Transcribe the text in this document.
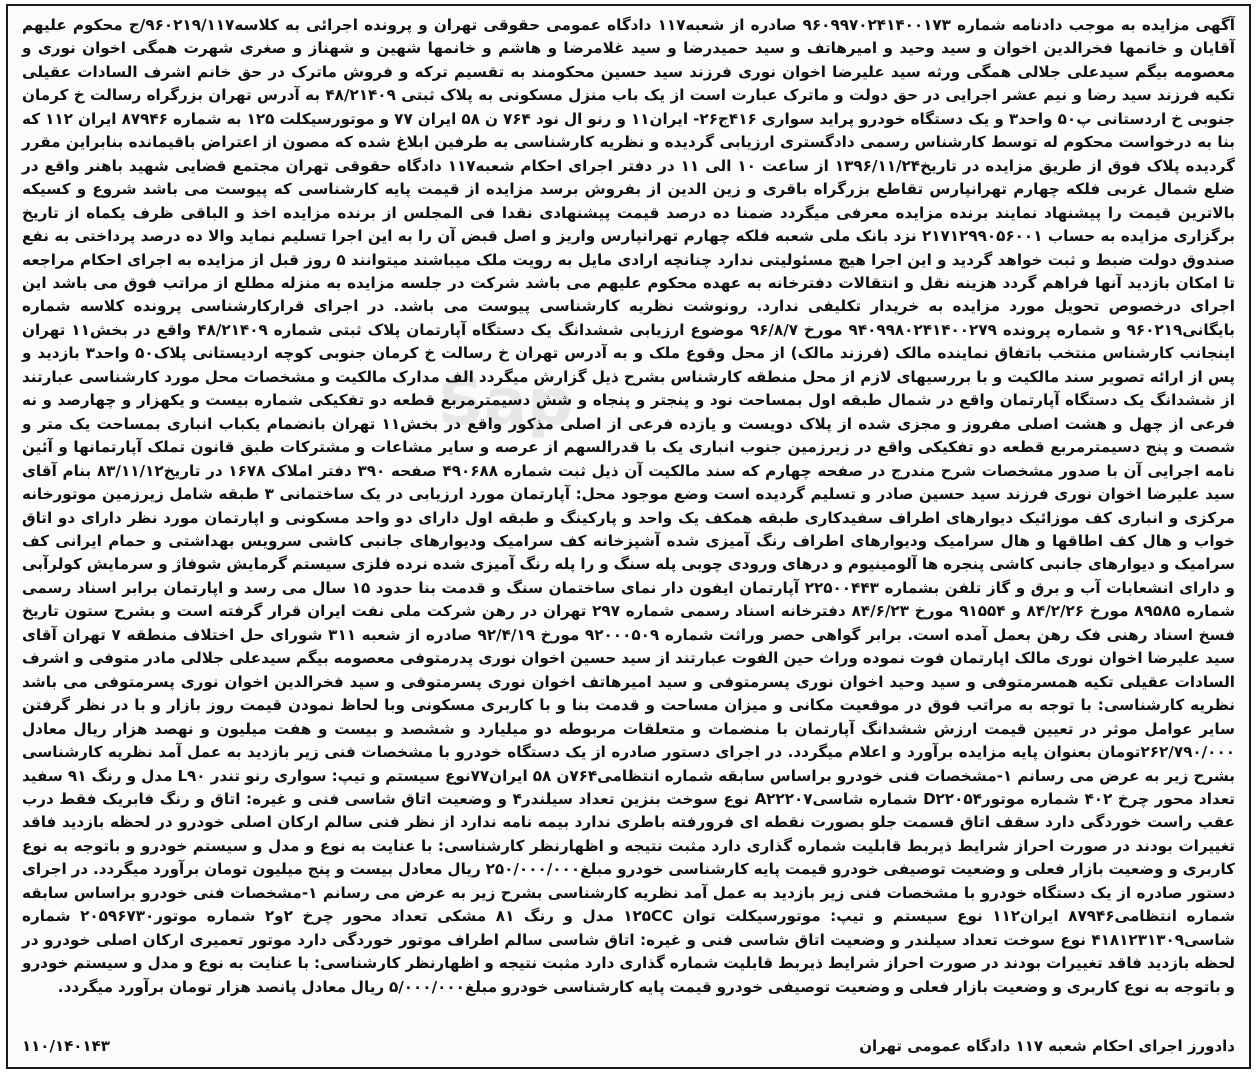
آگهی مزایده به موجب دادنامه شماره ۹۶۰۹۹۷۰۲۴۱۴۰۰۱۷۳ صادره از شعبه۱۱۷ دادگاه عمومی حقوقی تهران و پرونده اجرائی به کلاسه۹۶۰۲۱۹/۱۱۷/ج محکوم علیهم آقایان و خانمها فخرالدین اخوان و سید وحید و امیرهاتف و سید حمیدرضا و سید غلامرضا و هاشم و خانمها شهین و شهناز و صغری شهرت همگی اخوان نوری و معصومه بیگم سیدعلی جلالی همگی ورثه سید علیرضا اخوان نوری فرزند سید حسین محکومند به تقسیم ترکه و فروش ماترک در حق خانم اشرف السادات عقیلی تکیه فرزند سید رضا و نیم عشر اجرایی در حق دولت و ماترک عبارت است از یک باب منزل مسکونی به پلاک ثبتی ۴۸/۲۱۴۰۹ به آدرس تهران بزرگراه رسالت خ کرمان جنوبی خ اردستانی پ۵۰ واحد۳ و یک دستگاه خودرو پراید سواری ۴۱۶ج۲۶- ایران۱۱ و رنو ال نود ۷۶۴ ن ۵۸ ایران ۷۷ و موتورسیکلت ۱۲۵ به شماره ۸۷۹۴۶ ایران ۱۱۲ که بنا به درخواست محکوم له توسط کارشناس رسمی دادگستری ارزیابی گردیده و نظریه کارشناسی به طرفین ابلاغ شده که مصون از اعتراض باقیمانده بنابراین مقرر گردیده پلاک فوق از طریق مزایده در تاریخ۱۳۹۶/۱۱/۲۴ از ساعت ۱۰ الی ۱۱ در دفتر اجرای احکام شعبه۱۱۷ دادگاه حقوقی تهران مجتمع قضایی شهید باهنر واقع در ضلع شمال غربی فلکه چهارم تهرانپارس تقاطع بزرگراه باقری و زین الدین از بفروش برسد مزایده از قیمت پایه کارشناسی که پیوست می باشد شروع و کسیکه بالاترین قیمت را پیشنهاد نمایند برنده مزایده معرفی میگردد ضمنا ده درصد قیمت پیشنهادی نقدا فی المجلس از برنده مزایده اخذ و الباقی ظرف یکماه از تاریخ برگزاری مزایده به حساب ۲۱۷۱۲۹۹۰۵۶۰۰۱ نزد بانک ملی شعبه فلکه چهارم تهرانپارس واریز و اصل قبض آن را به این اجرا تسلیم نماید والا ده درصد پرداختی به نفع صندوق دولت ضبط و ثبت خواهد گردید و این اجرا هیچ مسئولیتی ندارد چنانچه ارادی مایل به رویت ملک میباشند میتوانند ۵ روز قبل از مزایده به اجرای احکام مراجعه تا امکان بازدید آنها فراهم گردد هزینه نقل و انتقالات دفترخانه به عهده محکوم علیهم می باشد شرکت در جلسه مزایده به منزله مطلع از مراتب فوق می باشد این اجرای درخصوص تحویل مورد مزایده به خریدار تکلیفی ندارد. رونوشت نظریه کارشناسی پیوست می باشد. در اجرای قرارکارشناسی پرونده کلاسه شماره بایگانی۹۶۰۲۱۹ و شماره پرونده ۹۴۰۹۹۸۰۲۴۱۴۰۰۲۷۹ مورخ ۹۶/۸/۷ موضوع ارزیابی ششدانگ یک دستگاه آپارتمان پلاک ثبتی شماره ۴۸/۲۱۴۰۹ واقع در بخش۱۱ تهران اینجانب کارشناس منتخب باتفاق نماینده مالک (فرزند مالک) از محل وقوع ملک و به آدرس تهران خ رسالت خ کرمان جنوبی کوچه اردیستانی پلاک۵۰ واحد۳ بازدید و پس از ارائه تصویر سند مالکیت و با بررسیهای لازم از محل منطقه کارشناس بشرح ذیل گزارش میگردد الف مدارک مالکیت و مشخصات محل مورد کارشناسی عبارتند از ششدانگ یک دستگاه آپارتمان واقع در شمال طبقه اول بمساحت نود و پنجتر و پنجاه و شش دسیمترمربع قطعه دو تفکیکی شماره بیست و یکهزار و چهارصد و نه فرعی از چهل و هشت اصلی مفروز و مجزی شده از پلاک دویست و یازده فرعی از اصلی مذکور واقع در بخش۱۱ تهران بانضمام یکباب انباری بمساحت یک متر و شصت و پنج دسیمترمربع قطعه دو تفکیکی واقع در زیرزمین جنوب انباری یک با قدرالسهم از عرصه و سایر مشاعات و مشترکات طبق قانون تملک آپارتمانها و آئین نامه اجرایی آن با صدور مشخصات شرح مندرج در صفحه چهارم که سند مالکیت آن ذیل ثبت شماره ۴۹۰۶۸۸ صفحه ۳۹۰ دفتر املاک ۱۶۷۸ در تاریخ۸۳/۱۱/۱۲ بنام آقای سید علیرضا اخوان نوری فرزند سید حسین صادر و تسلیم گردیده است وضع موجود محل: آپارتمان مورد ارزیابی در یک ساختمانی ۳ طبقه شامل زیرزمین موتورخانه مرکزی و انباری کف موزائیک دیوارهای اطراف سفیدکاری طبقه همکف یک واحد و پارکینگ و طبقه اول دارای دو واحد مسکونی و اپارتمان مورد نظر دارای دو اتاق خواب و هال کف اطاقها و هال سرامیک ودیوارهای اطراف رنگ آمیزی شده آشپزخانه کف سرامیک ودیوارهای جانبی کاشی سرویس بهداشتی و حمام ایرانی کف سرامیک و دیوارهای جانبی کاشی پنجره ها آلومینیوم و درهای ورودی چوبی پله سنگ و را پله رنگ آمیزی شده نرده فلزی سیستم گرمایش شوفاژ و سرمایش کولرآبی و دارای انشعابات آب و برق و گاز تلفن بشماره ۲۲۵۰۰۴۴۳ آپارتمان ایفون دار نمای ساختمان سنگ و قدمت بنا حدود ۱۵ سال می رسد و اپارتمان برابر اسناد رسمی شماره ۸۹۵۸۵ مورخ ۸۴/۲/۲۶ و ۹۱۵۵۴ مورخ ۸۴/۶/۲۳ دفترخانه اسناد رسمی شماره ۲۹۷ تهران در رهن شرکت ملی نفت ایران قرار گرفته است و بشرح ستون تاریخ فسخ اسناد رهنی فک رهن بعمل آمده است. برابر گواهی حصر وراثت شماره ۹۲۰۰۰۵۰۹ مورخ ۹۲/۴/۱۹ صادره از شعبه ۳۱۱ شورای حل اختلاف منطقه ۷ تهران آقای سید علیرضا اخوان نوری مالک اپارتمان فوت نموده وراث حین الفوت عبارتند از سید حسین اخوان نوری پدرمتوفی معصومه بیگم سیدعلی جلالی مادر متوفی و اشرف السادات عقیلی تکیه همسرمتوفی و سید وحید اخوان نوری پسرمتوفی و سید امیرهاتف اخوان نوری پسرمتوفی و سید فخرالدین اخوان نوری پسرمتوفی می باشد نظریه کارشناسی: با توجه به مراتب فوق در موقعیت مکانی و میزان مساحت و قدمت بنا و با کاربری مسکونی وبا لحاظ نمودن قیمت روز بازار و با در نظر گرفتن سایر عوامل موثر در تعیین قیمت ارزش ششدانگ آپارتمان با منضمات و متعلقات مربوطه دو میلیارد و ششصد و بیست و هفت میلیون و نهصد هزار ریال معادل ۲۶۲/۷۹۰/۰۰۰تومان بعنوان پایه مزایده برآورد و اعلام میگردد. در اجرای دستور صادره از یک دستگاه خودرو با مشخصات فنی زیر بازدید به عمل آمد نظریه کارشناسی بشرح زیر به عرض می رسانم ۱-مشخصات فنی خودرو براساس سابقه شماره انتظامی۷۶۴ن ۵۸ ایران۷۷نوع سیستم و تیپ: سواری رنو تندر L۹۰ مدل و رنگ ۹۱ سفید تعداد محور چرخ ۴۰۲ شماره موتورD۲۲۰۵۴ شماره شاسیA۲۲۲۰۷ نوع سوخت بنزین تعداد سیلندر۴ و وضعیت اتاق شاسی فنی و غیره: اتاق و رنگ فابریک فقط درب عقب راست خوردگی دارد سقف اتاق قسمت جلو بصورت نقطه ای فرورفته باطری ندارد بیمه نامه ندارد از نظر فنی سالم ارکان اصلی خودرو در لحظه بازدید فاقد تغییرات بودند در صورت احراز شرایط ذیربط قابلیت شماره گذاری دارد مثبت نتیجه و اظهارنظر کارشناسی: با عنایت به نوع و مدل و سیستم خودرو و باتوجه به نوع کاربری و وضعیت بازار فعلی و وضعیت توصیفی خودرو قیمت پایه کارشناسی خودرو مبلغ۲۵۰/۰۰۰/۰۰۰ ریال معادل بیست و پنج میلیون تومان برآورد میگردد. در اجرای دستور صادره از یک دستگاه خودرو با مشخصات فنی زیر بازدید به عمل آمد نظریه کارشناسی بشرح زیر به عرض می رسانم ۱-مشخصات فنی خودرو براساس سابقه شماره انتظامی۸۷۹۴۶ ایران۱۱۲ نوع سیستم و تیپ: موتورسیکلت توان ۱۲۵CC مدل و رنگ ۸۱ مشکی تعداد محور چرخ ۲و۲ شماره موتور۲۰۵۹۶۷۳۰ شماره شاسی۴۱۸۱۲۳۱۳۰۹ نوع سوخت تعداد سیلندر و وضعیت اتاق شاسی فنی و غیره: اتاق شاسی سالم اطراف موتور خوردگی دارد موتور تعمیری ارکان اصلی خودرو در لحظه بازدید فاقد تغییرات بودند در صورت احراز شرایط ذیربط قابلیت شماره گذاری دارد مثبت نتیجه و اظهارنظر کارشناسی: با عنایت به نوع و مدل و سیستم خودرو و باتوجه به نوع کاربری و وضعیت بازار فعلی و وضعیت توصیفی خودرو قیمت پایه کارشناسی خودرو مبلغ۵/۰۰۰/۰۰۰ ریال معادل پانصد هزار تومان برآورد میگردد.

Sap
دادورز اجرای احکام شعبه ۱۱۷ دادگاه عمومی تهران
۱۱۰/۱۴۰۱۴۳
